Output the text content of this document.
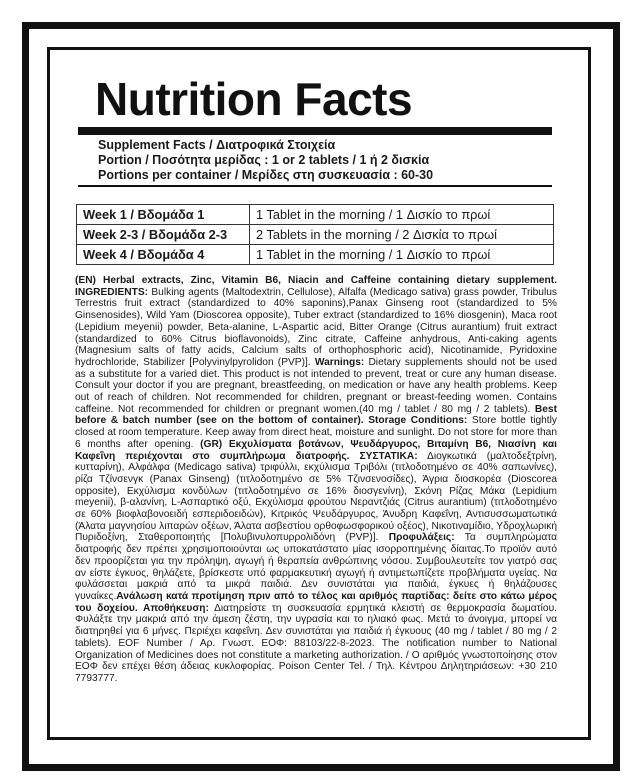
Nutrition Facts
Supplement Facts / Διατροφικά Στοιχεία
Portion / Ποσότητα μερίδας : 1 or 2 tablets / 1 ή 2 δισκία
Portions per container / Μερίδες στη συσκευασία : 60-30
Week 1 / Βδομάδα 1	1 Tablet in the morning / 1 Δισκίο το πρωί
Week 2-3 / Βδομάδα 2-3	2 Tablets in the morning / 2 Δισκία το πρωί
Week 4 / Βδομάδα 4	1 Tablet in the morning / 1 Δισκίο το πρωί
(EN) Herbal extracts, Zinc, Vitamin B6, Niacin and Caffeine containing dietary supplement. INGREDIENTS: Bulking agents (Maltodextrin, Cellulose), Alfalfa (Medicago sativa) grass powder, Tribulus Terrestris fruit extract (standardized to 40% saponins),Panax Ginseng root (standardized to 5% Ginsenosides), Wild Yam (Dioscorea opposite), Tuber extract (standardized to 16% diosgenin), Maca root (Lepidium meyenii) powder, Beta-alanine, L-Aspartic acid, Bitter Orange (Citrus aurantium) fruit extract (standardized to 60% Citrus bioflavonoids), Zinc citrate, Caffeine anhydrous, Anti-caking agents (Magnesium salts of fatty acids, Calcium salts of orthophosphoric acid), Nicotinamide, Pyridoxine hydrochloride, Stabilizer [Polyvinylpyrolidon (PVP)]. Warnings: Dietary supplements should not be used as a substitute for a varied diet. This product is not intended to prevent, treat or cure any human disease. Consult your doctor if you are pregnant, breastfeeding, on medication or have any health problems. Keep out of reach of children. Not recommended for children, pregnant or breast-feeding women. Contains caffeine. Not recommended for children or pregnant women.(40 mg / tablet / 80 mg / 2 tablets). Best before & batch number (see on the bottom of container). Storage Conditions: Store bottle tightly closed at room temperature. Keep away from direct heat, moisture and sunlight. Do not store for more than 6 months after opening. (GR) Εκχυλίσματα βοτάνων, Ψευδάργυρος, Βιταμίνη Β6, Νιασίνη και Καφεΐνη περιέχονται στο συμπλήρωμα διατροφής. ΣΥΣΤΑΤΙΚΑ: Διογκωτικά (μαλτοδεξτρίνη, κυτταρίνη), Αλφάλφα (Medicago sativa) τριφύλλι, εκχύλισμα Τριβόλι (τιτλοδοτημένο σε 40% σαπωνίνες), ρίζα Τζίνσενγκ (Panax Ginseng) (τιτλοδοτημένο σε 5% Τζινσενοσίδες), Άγρια διοσκορέα (Dioscorea opposite), Εκχύλισμα κονδύλων (τιτλοδοτημένο σε 16% διοσγενίνη), Σκόνη Ρίζας Μάκα (Lepidium meyenii), β-αλανίνη, L-Ασπαρτικό οξύ, Εκχύλισμα φρούτου Νεραντζιάς (Citrus aurantium) (τιτλοδοτημένο σε 60% βιοφλαβονοειδή εσπεριδοειδών), Κιτρικός Ψευδάργυρος, Άνυδρη Καφεΐνη, Αντισυσσωματωτικά (Άλατα μαγνησίου λιπαρών οξέων, Άλατα ασβεστίου ορθοφωσφορικού οξέος), Νικοτιναμίδιο, Υδροχλωρική Πυριδοξίνη, Σταθεροποιητής [Πολυβινυλοπυρρολιδόνη (PVP)]. Προφυλάξεις: Τα συμπληρώματα διατροφής δεν πρέπει χρησιμοποιούνται ως υποκατάστατο μίας ισορροπημένης δίαιτας.Το προϊόν αυτό δεν προορίζεται για την πρόληψη, αγωγή ή θεραπεία ανθρώπινης νόσου. Συμβουλευτείτε τον γιατρό σας αν είστε έγκυος, θηλάζετε, βρίσκεστε υπό φαρμακευτική αγωγή ή αντιμετωπίζετε προβλήματα υγείας. Να φυλάσσεται μακριά από τα μικρά παιδιά. Δεν συνιστάται για παιδιά, έγκυες ή θηλάζουσες γυναίκες.Ανάλωση κατά προτίμηση πριν από το τέλος και αριθμός παρτίδας: δείτε στο κάτω μέρος του δοχείου. Αποθήκευση: Διατηρείστε τη συσκευασία ερμητικά κλειστή σε θερμοκρασία δωματίου. Φυλάξτε την μακριά από την άμεση ζέστη, την υγρασία και το ηλιακό φως. Μετά το άνοιγμα, μπορεί να διατηρηθεί για 6 μήνες. Περιέχει καφεΐνη. Δεν συνιστάται για παιδιά ή έγκυους (40 mg / tablet / 80 mg / 2 tablets). EOF Number / Αρ. Γνωστ. ΕΟΦ: 88103/22-8-2023. The notification number to National Organization of Medicines does not constitute a marketing authorization. / Ο αριθμός γνωστοποίησης στον ΕΟΦ δεν επέχει θέση άδειας κυκλοφορίας. Poison Center Tel. / Τηλ. Κέντρου Δηλητηριάσεων: +30 210 7793777.
